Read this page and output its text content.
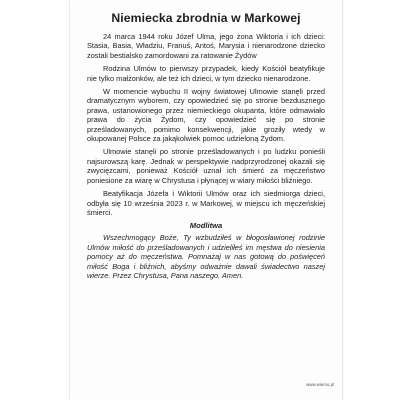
Niemiecka zbrodnia w Markowej

24 marca 1944 roku Józef Ulma, jego żona Wiktoria i ich dzieci: Stasia, Basia, Władziu, Franuś, Antoś, Marysia i nienarodzone dziecko zostali bestialsko zamordowani za ratowanie Żydów

Rodzina Ulmów to pierwszy przypadek, kiedy Kościół beatyfikuje nie tylko małżonków, ale też ich dzieci, w tym dziecko nienarodzone.

W momencie wybuchu II wojny światowej Ulmowie stanęli przed dramatycznym wyborem, czy opowiedzieć się po stronie bezdusznego prawa, ustanowionego przez niemieckiego okupanta, które odmawiało prawa do życia Żydom, czy opowiedzieć się po stronie prześladowanych, pomimo konsekwencji, jakie groziły wtedy w okupowanej Polsce za jakąkolwiek pomoc udzieloną Żydom.

Ulmowie stanęli po stronie prześladowanych i po ludzku ponieśli najsurowszą karę. Jednak w perspektywie nadprzyrodzonej okazali się zwycięzcami, ponieważ Kościół uznał ich śmierć za męczeństwo poniesione za wiarę w Chrystusa i płynącej w wiary miłości bliźniego.

Beatyfikacja Józefa i Wiktorii Ulmów oraz ich siedmiorga dzieci, odbyła się 10 września 2023 r. w Markowej, w miejscu ich męczeńskiej śmierci.

Modlitwa

Wszechmogący Boże, Ty wzbudziłeś w błogosławionej rodzinie Ulmów miłość do prześladowanych i udzieliłeś im męstwa do niesienia pomocy aż do męczeństwa. Pomnażaj w nas gotową do poświęceń miłość Boga i bliźnich, abyśmy odważnie dawali świadectwo naszej wierze. Przez Chrystusa, Pana naszego. Amen.

www.wiemo.pl
